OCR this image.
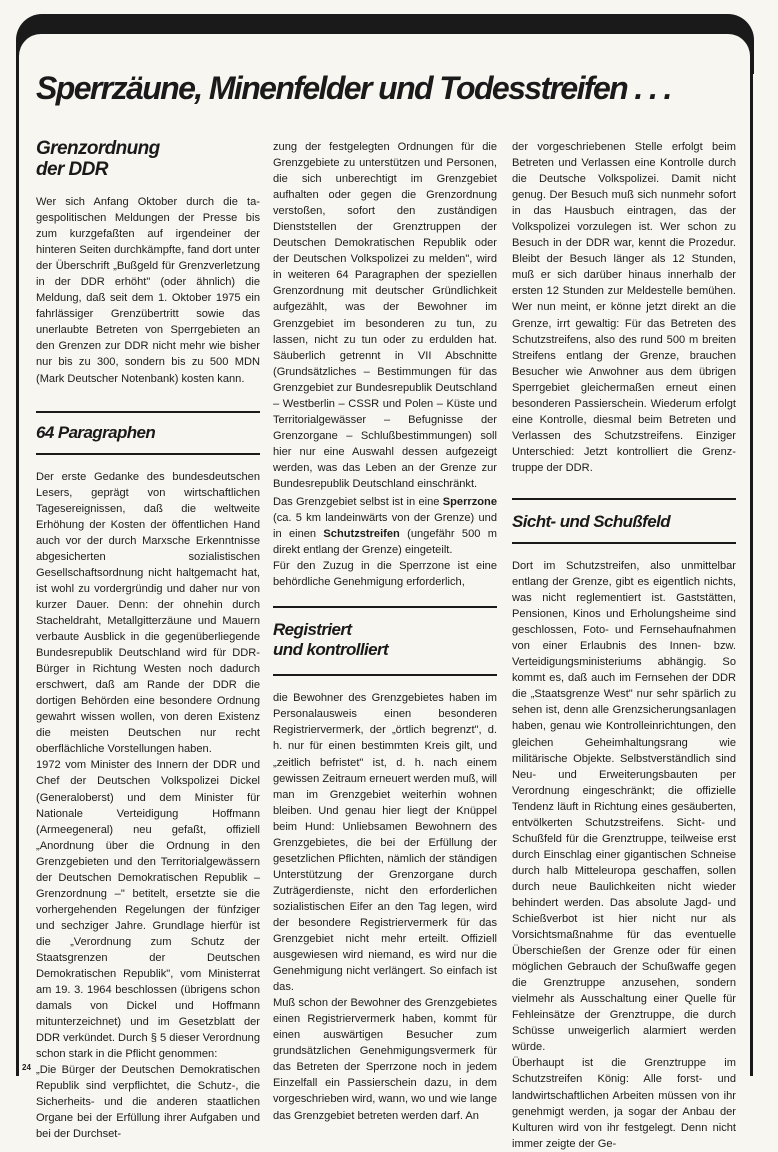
Sperrzäune, Minenfelder und Todesstreifen . . .
Grenzordnung
der DDR

Wer sich Anfang Oktober durch die tagespolitischen Meldungen der Presse bis zum kurzgefaßten auf irgendeiner der hinteren Seiten durchkämpfte, fand dort unter der Überschrift „Bußgeld für Grenzverletzung in der DDR erhöht" (oder ähnlich) die Meldung, daß seit dem 1. Oktober 1975 ein fahrlässiger Grenzübertritt sowie das unerlaubte Betreten von Sperrgebieten an den Grenzen zur DDR nicht mehr wie bisher nur bis zu 300, sondern bis zu 500 MDN (Mark Deutscher Notenbank) kosten kann.

64 Paragraphen

Der erste Gedanke des bundesdeutschen Lesers, geprägt von wirtschaftlichen Tagesereignissen, daß die weltweite Erhöhung der Kosten der öffentlichen Hand auch vor der durch Marxsche Erkenntnisse abgesicherten sozialistischen Gesellschaftsordnung nicht haltgemacht hat, ist wohl zu vordergründig und daher nur von kurzer Dauer. Denn: der ohnehin durch Stacheldraht, Metallgitterzäune und Mauern verbaute Ausblick in die gegenüberliegende Bundesrepublik Deutschland wird für DDR-Bürger in Richtung Westen noch dadurch erschwert, daß am Rande der DDR die dortigen Behörden eine besondere Ordnung gewahrt wissen wollen, von deren Existenz die meisten Deutschen nur recht oberflächliche Vorstellungen haben.

1972 vom Minister des Innern der DDR und Chef der Deutschen Volkspolizei Dickel (Generaloberst) und dem Minister für Nationale Verteidigung Hoffmann (Armeegeneral) neu gefaßt, offiziell „Anordnung über die Ordnung in den Grenzgebieten und den Territorialgewässern der Deutschen Demokratischen Republik – Grenzordnung –" betitelt, ersetzte sie die vorhergehenden Regelungen der fünfziger und sechziger Jahre. Grundlage hierfür ist die „Verordnung zum Schutz der Staatsgrenzen der Deutschen Demokratischen Republik", vom Ministerrat am 19. 3. 1964 beschlossen (übrigens schon damals von Dickel und Hoffmann mitunterzeichnet) und im Gesetzblatt der DDR verkündet. Durch § 5 dieser Verordnung schon stark in die Pflicht genommen:

„Die Bürger der Deutschen Demokratischen Republik sind verpflichtet, die Schutz-, die Sicherheits- und die anderen staatlichen Organe bei der Erfüllung ihrer Aufgaben und bei der Durchset-

zung der festgelegten Ordnungen für die Grenzgebiete zu unterstützen und Personen, die sich unberechtigt im Grenzgebiet aufhalten oder gegen die Grenzordnung verstoßen, sofort den zuständigen Dienststellen der Grenztruppen der Deutschen Demokratischen Republik oder der Deutschen Volkspolizei zu melden", wird in weiteren 64 Paragraphen der speziellen Grenzordnung mit deutscher Gründlichkeit aufgezählt, was der Bewohner im Grenzgebiet im besonderen zu tun, zu lassen, nicht zu tun oder zu erdulden hat. Säuberlich getrennt in VII Abschnitte (Grundsätzliches – Bestimmungen für das Grenzgebiet zur Bundesrepublik Deutschland – Westberlin – CSSR und Polen – Küste und Territorialgewässer – Befugnisse der Grenzorgane – Schlußbestimmungen) soll hier nur eine Auswahl dessen aufgezeigt werden, was das Leben an der Grenze zur Bundesrepublik Deutschland einschränkt.

Das Grenzgebiet selbst ist in eine Sperrzone (ca. 5 km landeinwärts von der Grenze) und in einen Schutzstreifen (ungefähr 500 m direkt entlang der Grenze) eingeteilt.

Für den Zuzug in die Sperrzone ist eine behördliche Genehmigung erforderlich,

Registriert
und kontrolliert

die Bewohner des Grenzgebietes haben im Personalausweis einen besonderen Registriervermerk, der „örtlich begrenzt", d. h. nur für einen bestimmten Kreis gilt, und „zeitlich befristet" ist, d. h. nach einem gewissen Zeitraum erneuert werden muß, will man im Grenzgebiet weiterhin wohnen bleiben. Und genau hier liegt der Knüppel beim Hund: Unliebsamen Bewohnern des Grenzgebietes, die bei der Erfüllung der gesetzlichen Pflichten, nämlich der ständigen Unterstützung der Grenzorgane durch Zuträgerdienste, nicht den erforderlichen sozialistischen Eifer an den Tag legen, wird der besondere Registriervermerk für das Grenzgebiet nicht mehr erteilt. Offiziell ausgewiesen wird niemand, es wird nur die Genehmigung nicht verlängert. So einfach ist das.

Muß schon der Bewohner des Grenzgebietes einen Registriervermerk haben, kommt für einen auswärtigen Besucher zum grundsätzlichen Genehmigungsvermerk für das Betreten der Sperrzone noch in jedem Einzelfall ein Passierschein dazu, in dem vorgeschrieben wird, wann, wo und wie lange das Grenzgebiet betreten werden darf. An

der vorgeschriebenen Stelle erfolgt beim Betreten und Verlassen eine Kontrolle durch die Deutsche Volkspolizei. Damit nicht genug. Der Besuch muß sich nunmehr sofort in das Hausbuch eintragen, das der Volkspolizei vorzulegen ist. Wer schon zu Besuch in der DDR war, kennt die Prozedur. Bleibt der Besuch länger als 12 Stunden, muß er sich darüber hinaus innerhalb der ersten 12 Stunden zur Meldestelle bemühen. Wer nun meint, er könne jetzt direkt an die Grenze, irrt gewaltig: Für das Betreten des Schutzstreifens, also des rund 500 m breiten Streifens entlang der Grenze, brauchen Besucher wie Anwohner aus dem übrigen Sperrgebiet gleichermaßen erneut einen besonderen Passierschein. Wiederum erfolgt eine Kontrolle, diesmal beim Betreten und Verlassen des Schutzstreifens. Einziger Unterschied: Jetzt kontrolliert die Grenztruppe der DDR.

Sicht- und Schußfeld

Dort im Schutzstreifen, also unmittelbar entlang der Grenze, gibt es eigentlich nichts, was nicht reglementiert ist. Gaststätten, Pensionen, Kinos und Erholungsheime sind geschlossen, Foto- und Fernsehaufnahmen von einer Erlaubnis des Innen- bzw. Verteidigungsministeriums abhängig. So kommt es, daß auch im Fernsehen der DDR die „Staatsgrenze West" nur sehr spärlich zu sehen ist, denn alle Grenzsicherungsanlagen haben, genau wie Kontrolleinrichtungen, den gleichen Geheimhaltungsrang wie militärische Objekte. Selbstverständlich sind Neu- und Erweiterungsbauten per Verordnung eingeschränkt; die offizielle Tendenz läuft in Richtung eines gesäuberten, entvölkerten Schutzstreifens. Sicht- und Schußfeld für die Grenztruppe, teilweise erst durch Einschlag einer gigantischen Schneise durch halb Mitteleuropa geschaffen, sollen durch neue Baulichkeiten nicht wieder behindert werden. Das absolute Jagd- und Schießverbot ist hier nicht nur als Vorsichtsmaßnahme für das eventuelle Überschießen der Grenze oder für einen möglichen Gebrauch der Schußwaffe gegen die Grenztruppe anzusehen, sondern vielmehr als Ausschaltung einer Quelle für Fehleinsätze der Grenztruppe, die durch Schüsse unweigerlich alarmiert werden würde.

Überhaupt ist die Grenztruppe im Schutzstreifen König: Alle forst- und landwirtschaftlichen Arbeiten müssen von ihr genehmigt werden, ja sogar der Anbau der Kulturen wird von ihr festgelegt. Denn nicht immer zeigte der Ge-

24
